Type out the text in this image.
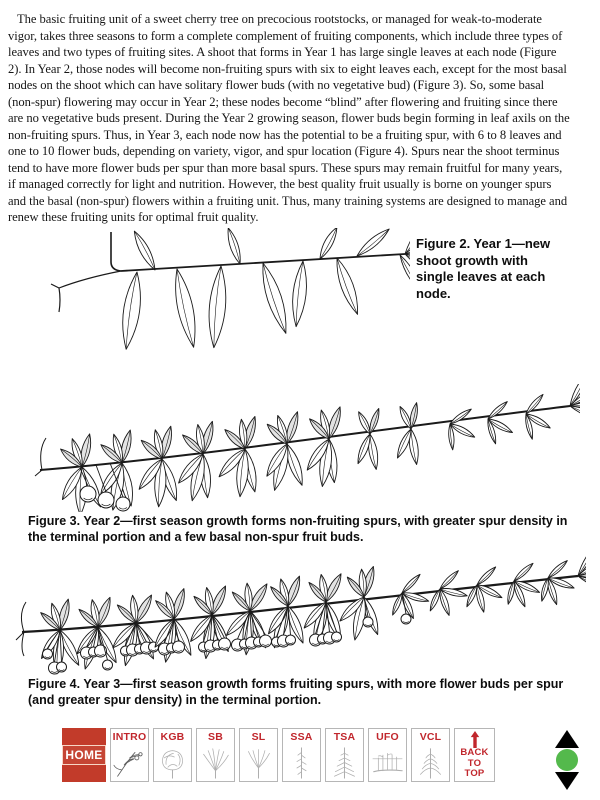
The basic fruiting unit of a sweet cherry tree on precocious rootstocks, or managed for weak-to-moderate vigor, takes three seasons to form a complete complement of fruiting components, which include three types of leaves and two types of fruiting sites. A shoot that forms in Year 1 has large single leaves at each node (Figure 2). In Year 2, those nodes will become non-fruiting spurs with six to eight leaves each, except for the most basal nodes on the shoot which can have solitary flower buds (with no vegetative bud) (Figure 3). So, some basal (non-spur) flowering may occur in Year 2; these nodes become “blind” after flowering and fruiting since there are no vegetative buds present. During the Year 2 growing season, flower buds begin forming in leaf axils on the non-fruiting spurs. Thus, in Year 3, each node now has the potential to be a fruiting spur, with 6 to 8 leaves and one to 10 flower buds, depending on variety, vigor, and spur location (Figure 4). Spurs near the shoot terminus tend to have more flower buds per spur than more basal spurs. These spurs may remain fruitful for many years, if managed correctly for light and nutrition. However, the best quality fruit usually is borne on younger spurs and the basal (non-spur) flowers within a fruiting unit. Thus, many training systems are designed to manage and renew these fruiting units for optimal fruit quality.

Figure 2. Year 1—new shoot growth with single leaves at each node.
Figure 3. Year 2—first season growth forms non-fruiting spurs, with greater spur density in the terminal portion and a few basal non-spur fruit buds.
Figure 4. Year 3—first season growth forms fruiting spurs, with more flower buds per spur (and greater spur density) in the terminal portion.
HOME
INTRO KGB SB	SL SSA TSA UFO VCL
BACK
TO
TOP
